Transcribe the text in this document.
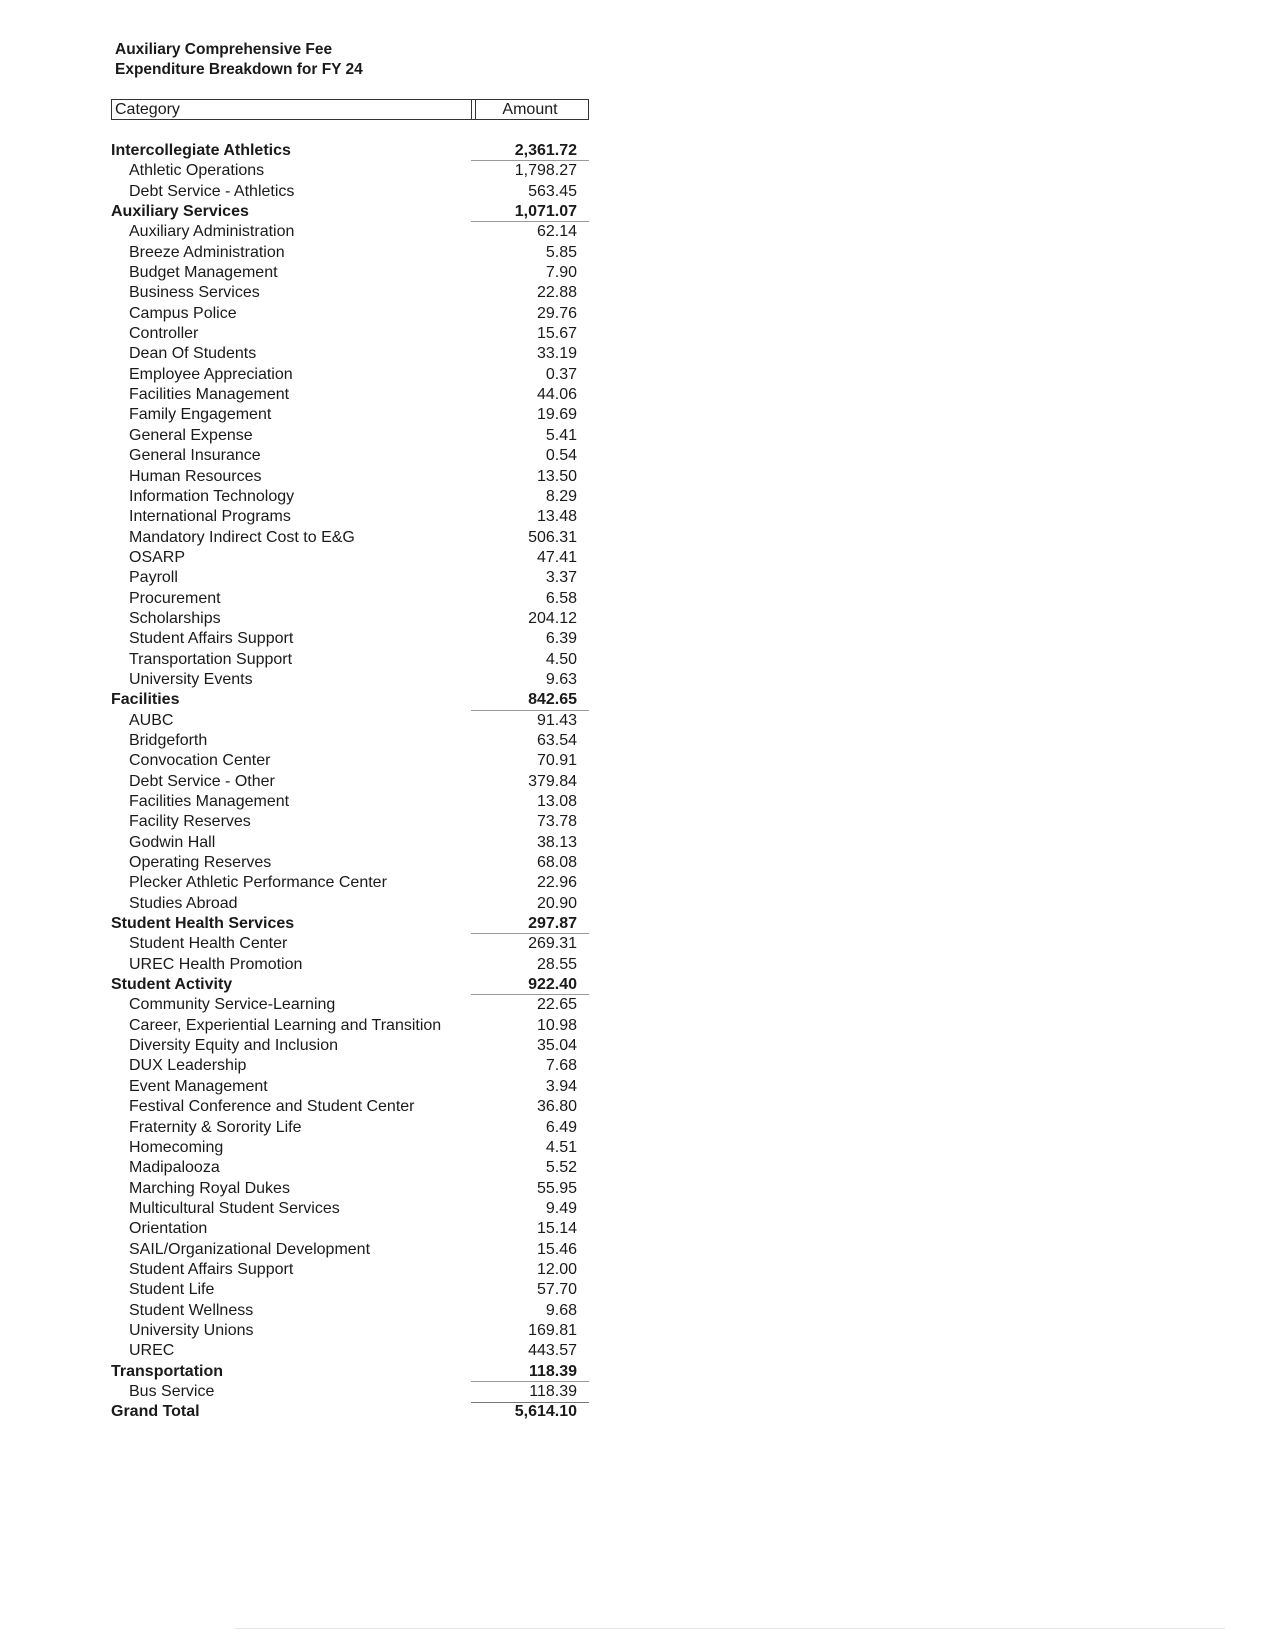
Auxiliary Comprehensive Fee
Expenditure Breakdown for FY 24
Category	Amount
Intercollegiate Athletics	2,361.72
Athletic Operations	1,798.27
Debt Service - Athletics	563.45
Auxiliary Services	1,071.07
Auxiliary Administration	62.14
Breeze Administration	5.85
Budget Management	7.90
Business Services	22.88
Campus Police	29.76
Controller	15.67
Dean Of Students	33.19
Employee Appreciation	0.37
Facilities Management	44.06
Family Engagement	19.69
General Expense	5.41
General Insurance	0.54
Human Resources	13.50
Information Technology	8.29
International Programs	13.48
Mandatory Indirect Cost to E&G	506.31
OSARP	47.41
Payroll	3.37
Procurement	6.58
Scholarships	204.12
Student Affairs Support	6.39
Transportation Support	4.50
University Events	9.63
Facilities	842.65
AUBC	91.43
Bridgeforth	63.54
Convocation Center	70.91
Debt Service - Other	379.84
Facilities Management	13.08
Facility Reserves	73.78
Godwin Hall	38.13
Operating Reserves	68.08
Plecker Athletic Performance Center	22.96
Studies Abroad	20.90
Student Health Services	297.87
Student Health Center	269.31
UREC Health Promotion	28.55
Student Activity	922.40
Community Service-Learning	22.65
Career, Experiential Learning and Transition	10.98
Diversity Equity and Inclusion	35.04
DUX Leadership	7.68
Event Management	3.94
Festival Conference and Student Center	36.80
Fraternity & Sorority Life	6.49
Homecoming	4.51
Madipalooza	5.52
Marching Royal Dukes	55.95
Multicultural Student Services	9.49
Orientation	15.14
SAIL/Organizational Development	15.46
Student Affairs Support	12.00
Student Life	57.70
Student Wellness	9.68
University Unions	169.81
UREC	443.57
Transportation	118.39
Bus Service	118.39
Grand Total	5,614.10
